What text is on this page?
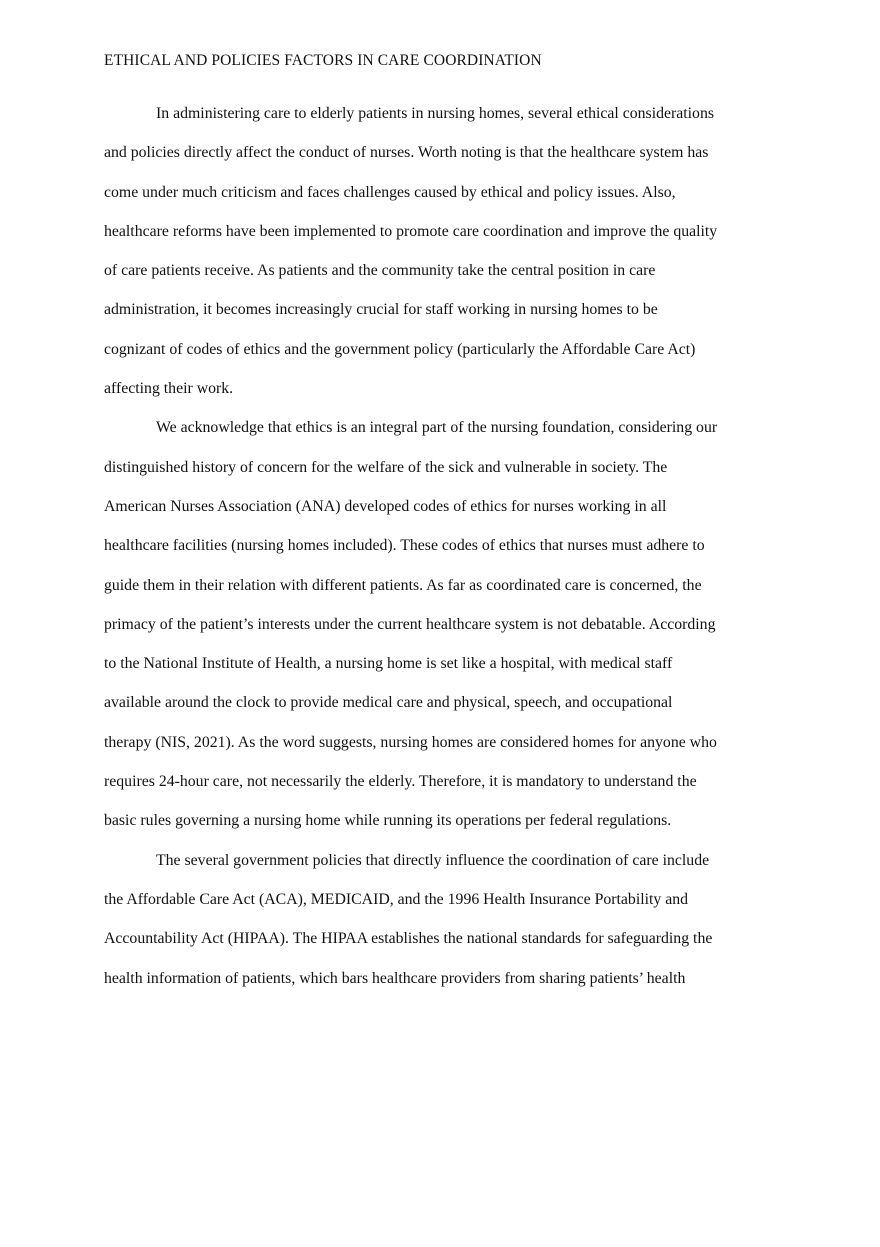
ETHICAL AND POLICIES FACTORS IN CARE COORDINATION
In administering care to elderly patients in nursing homes, several ethical considerations
and policies directly affect the conduct of nurses. Worth noting is that the healthcare system has
come under much criticism and faces challenges caused by ethical and policy issues. Also,
healthcare reforms have been implemented to promote care coordination and improve the quality
of care patients receive. As patients and the community take the central position in care
administration, it becomes increasingly crucial for staff working in nursing homes to be
cognizant of codes of ethics and the government policy (particularly the Affordable Care Act)
affecting their work.
We acknowledge that ethics is an integral part of the nursing foundation, considering our
distinguished history of concern for the welfare of the sick and vulnerable in society. The
American Nurses Association (ANA) developed codes of ethics for nurses working in all
healthcare facilities (nursing homes included). These codes of ethics that nurses must adhere to
guide them in their relation with different patients. As far as coordinated care is concerned, the
primacy of the patient’s interests under the current healthcare system is not debatable. According
to the National Institute of Health, a nursing home is set like a hospital, with medical staff
available around the clock to provide medical care and physical, speech, and occupational
therapy (NIS, 2021). As the word suggests, nursing homes are considered homes for anyone who
requires 24-hour care, not necessarily the elderly. Therefore, it is mandatory to understand the
basic rules governing a nursing home while running its operations per federal regulations.
The several government policies that directly influence the coordination of care include
the Affordable Care Act (ACA), MEDICAID, and the 1996 Health Insurance Portability and
Accountability Act (HIPAA). The HIPAA establishes the national standards for safeguarding the
health information of patients, which bars healthcare providers from sharing patients’ health
